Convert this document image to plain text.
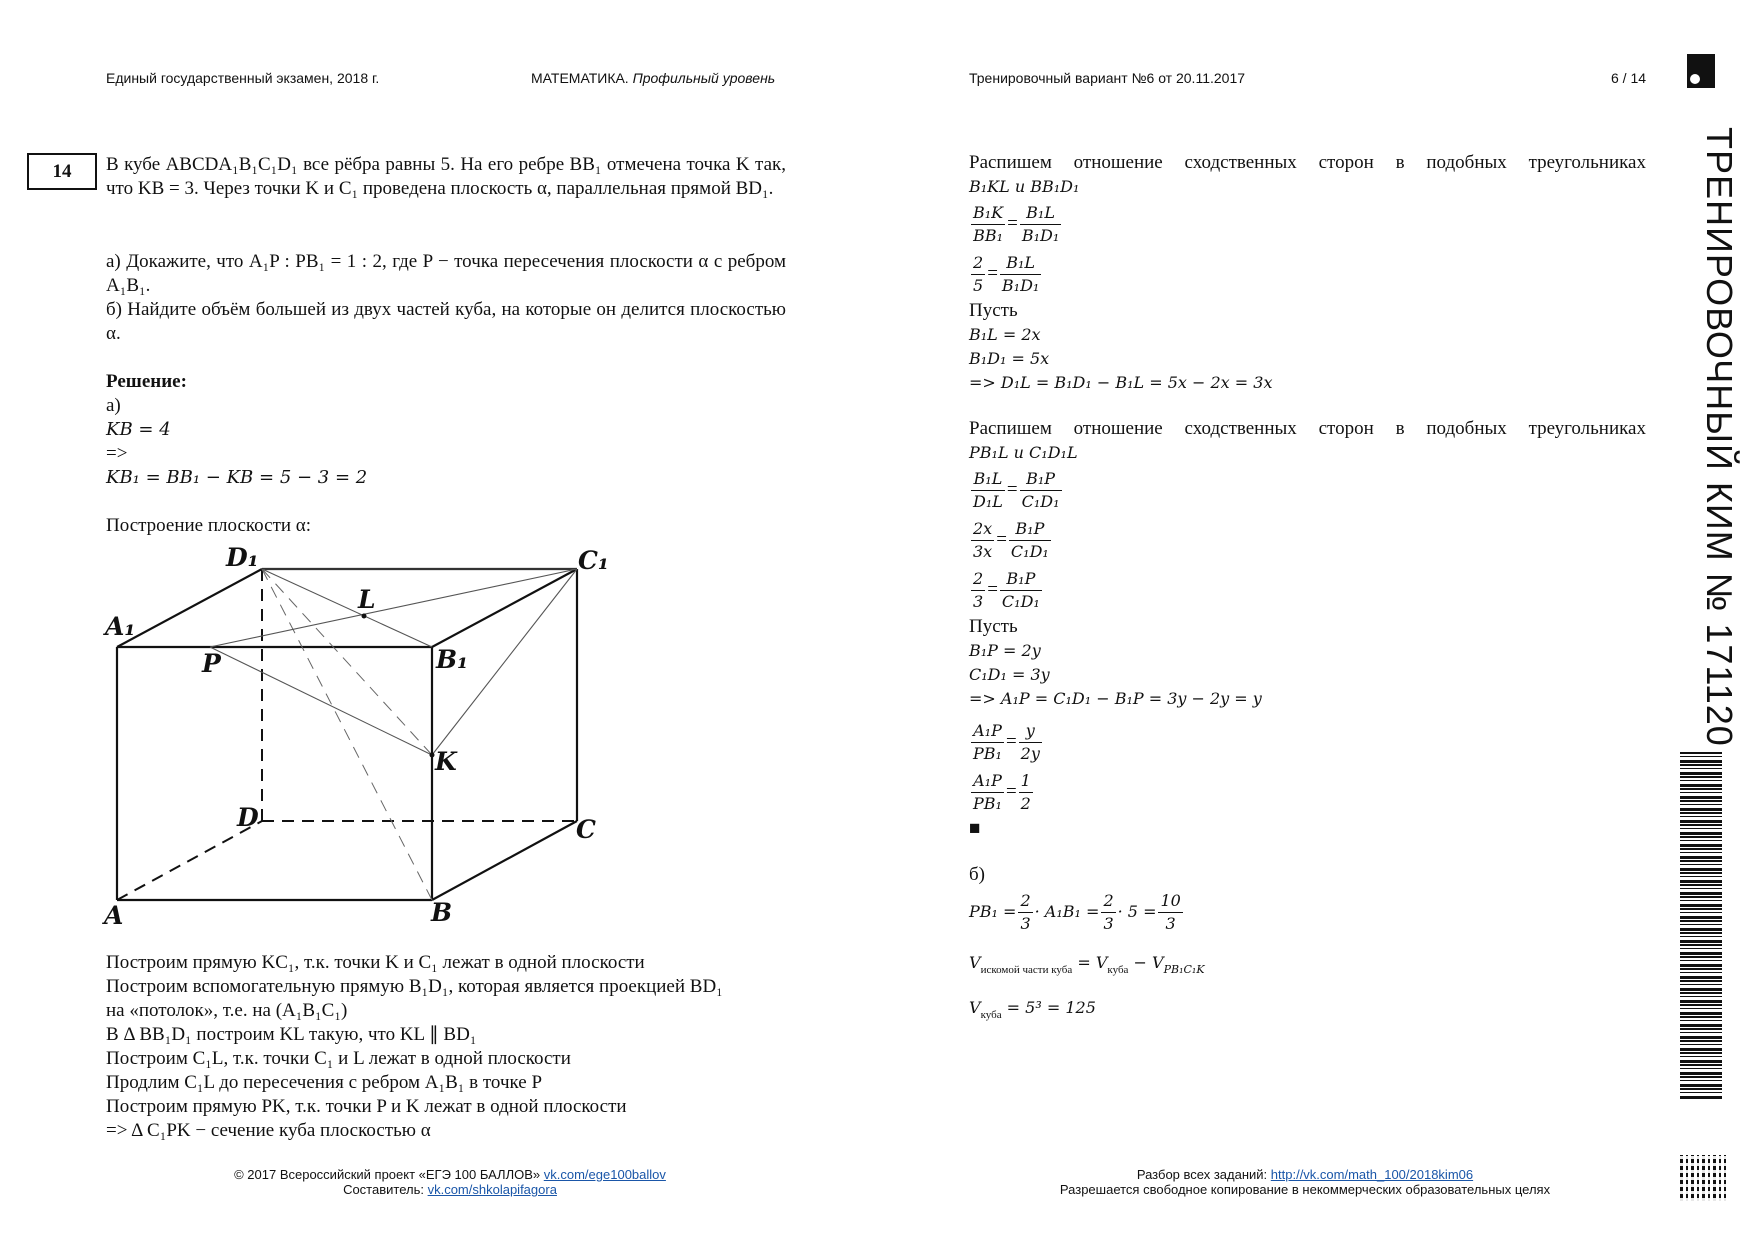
Единый государственный экзамен, 2018 г.	МАТЕМАТИКА. Профильный уровень	Тренировочный вариант №6 от 20.11.2017	6 / 14
14	В кубе ABCDA₁B₁C₁D₁ все рёбра равны 5. На его ребре BB₁ отмечена точка K так, что KB = 3. Через точки K и C₁ проведена плоскость α, параллельная прямой BD₁.
а) Докажите, что A₁P : PB₁ = 1 : 2, где P − точка пересечения плоскости α с ребром A₁B₁.
б) Найдите объём большей из двух частей куба, на которые он делится плоскостью α.
Решение:
а)
KB = 4
=>
KB₁ = BB₁ − KB = 5 − 3 = 2
Построение плоскости α:
A₁
D₁	C₁
B₁
L
P
K
D	C
A	B
Построим прямую KC₁, т.к. точки K и C₁ лежат в одной плоскости
Построим вспомогательную прямую B₁D₁, которая является проекцией BD₁
на «потолок», т.е. на (A₁B₁C₁)
В Δ BB₁D₁ построим KL такую, что KL ∥ BD₁
Построим C₁L, т.к. точки C₁ и L лежат в одной плоскости
Продлим C₁L до пересечения с ребром A₁B₁ в точке P
Построим прямую PK, т.к. точки P и K лежат в одной плоскости
=> Δ C₁PK − сечение куба плоскостью α
Распишем отношение сходственных сторон в подобных треугольниках
B₁KL и BB₁D₁
$\frac{\text{B₁K}}{\text{BB₁}} = \frac{\text{B₁L}}{\text{B₁D₁}}$
$\frac{2}{5} = \frac{\text{B₁L}}{\text{B₁D₁}}$
Пусть
B₁L = 2x
B₁D₁ = 5x
=> D₁L = B₁D₁ − B₁L = 5x − 2x = 3x
Распишем отношение сходственных сторон в подобных треугольниках
PB₁L и C₁D₁L
$\frac{\text{B₁L}}{\text{D₁L}} = \frac{\text{B₁P}}{\text{C₁D₁}}$
$\frac{2x}{3x} = \frac{\text{B₁P}}{\text{C₁D₁}}$
$\frac{2}{3} = \frac{\text{B₁P}}{\text{C₁D₁}}$
Пусть
B₁P = 2y
C₁D₁ = 3y
=> A₁P = C₁D₁ − B₁P = 3y − 2y = y
$\frac{\text{A₁P}}{\text{PB₁}} = \frac{y}{2y}$
$\frac{\text{A₁P}}{\text{PB₁}} = \frac{1}{2}$
■
б)
$PB_1 = \frac{2}{3} \cdot A_1B_1 = \frac{2}{3} \cdot 5 = \frac{10}{3}$
$V_{искомой части куба} = V_{куба} - V_{PB_1C_1K}$
$V_{куба} = 5^3 = 125$
ТРЕНИРОВОЧНЫЙ КИМ № 171120
© 2017 Всероссийский проект «ЕГЭ 100 БАЛЛОВ» vk.com/ege100ballov
Составитель: vk.com/shkolapifagora
Разбор всех заданий: http://vk.com/math_100/2018kim06
Разрешается свободное копирование в некоммерческих образовательных целях
